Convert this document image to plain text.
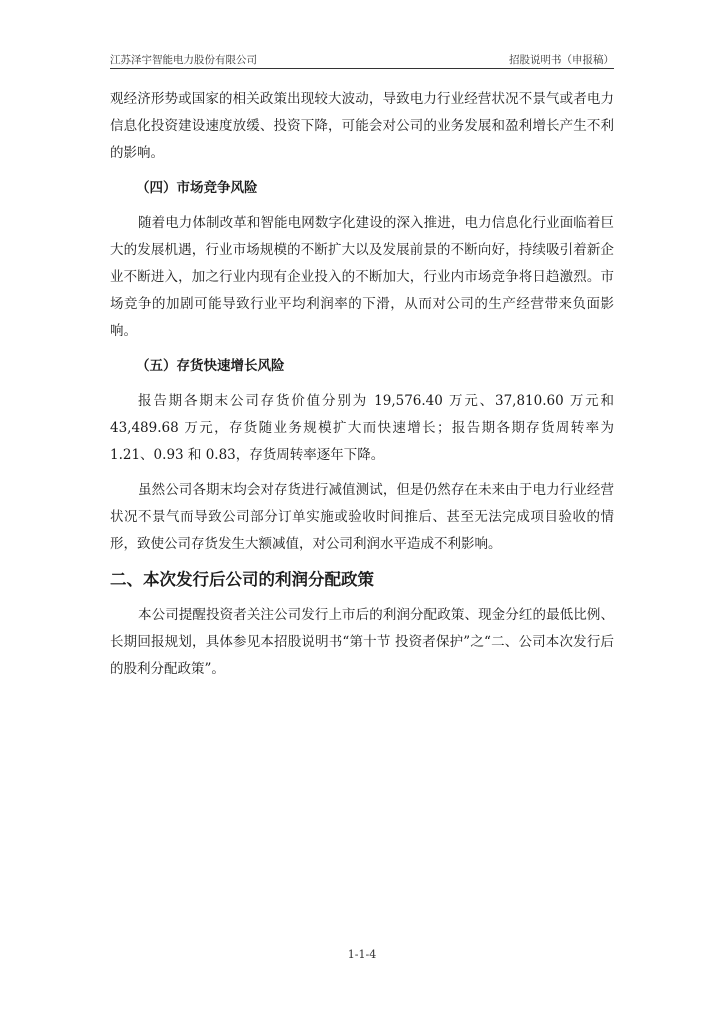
江苏泽宇智能电力股份有限公司	招股说明书（申报稿）

观经济形势或国家的相关政策出现较大波动，导致电力行业经营状况不景气或者电力信息化投资建设速度放缓、投资下降，可能会对公司的业务发展和盈利增长产生不利的影响。

（四）市场竞争风险

随着电力体制改革和智能电网数字化建设的深入推进，电力信息化行业面临着巨大的发展机遇，行业市场规模的不断扩大以及发展前景的不断向好，持续吸引着新企业不断进入，加之行业内现有企业投入的不断加大，行业内市场竞争将日趋激烈。市场竞争的加剧可能导致行业平均利润率的下滑，从而对公司的生产经营带来负面影响。

（五）存货快速增长风险

报告期各期末公司存货价值分别为 19,576.40 万元、37,810.60 万元和 43,489.68 万元，存货随业务规模扩大而快速增长；报告期各期存货周转率为 1.21、0.93 和 0.83，存货周转率逐年下降。

虽然公司各期末均会对存货进行减值测试，但是仍然存在未来由于电力行业经营状况不景气而导致公司部分订单实施或验收时间推后、甚至无法完成项目验收的情形，致使公司存货发生大额减值，对公司利润水平造成不利影响。

二、本次发行后公司的利润分配政策

本公司提醒投资者关注公司发行上市后的利润分配政策、现金分红的最低比例、长期回报规划，具体参见本招股说明书“第十节 投资者保护”之“二、公司本次发行后的股利分配政策”。

1-1-4
